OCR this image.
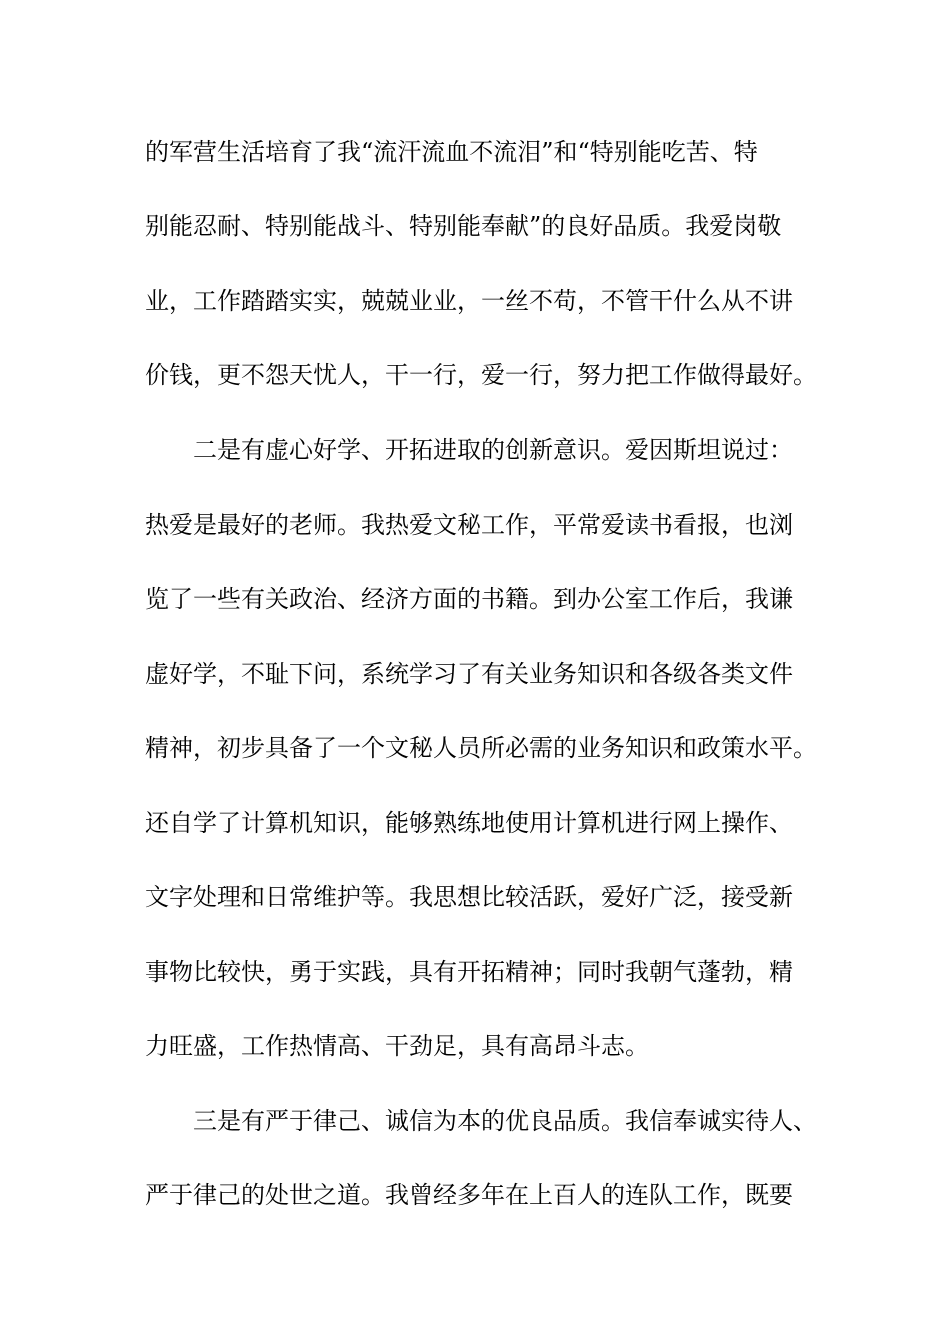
的军营生活培育了我“流汗流血不流泪”和“特别能吃苦、特
别能忍耐、特别能战斗、特别能奉献”的良好品质。我爱岗敬
业，工作踏踏实实，兢兢业业，一丝不苟，不管干什么从不讲
价钱，更不怨天忧人，干一行，爱一行，努力把工作做得最好。
二是有虚心好学、开拓进取的创新意识。爱因斯坦说过：
热爱是最好的老师。我热爱文秘工作，平常爱读书看报，也浏
览了一些有关政治、经济方面的书籍。到办公室工作后，我谦
虚好学，不耻下问，系统学习了有关业务知识和各级各类文件
精神，初步具备了一个文秘人员所必需的业务知识和政策水平。
还自学了计算机知识，能够熟练地使用计算机进行网上操作、
文字处理和日常维护等。我思想比较活跃，爱好广泛，接受新
事物比较快，勇于实践，具有开拓精神；同时我朝气蓬勃，精
力旺盛，工作热情高、干劲足，具有高昂斗志。
三是有严于律己、诚信为本的优良品质。我信奉诚实待人、
严于律己的处世之道。我曾经多年在上百人的连队工作，既要
